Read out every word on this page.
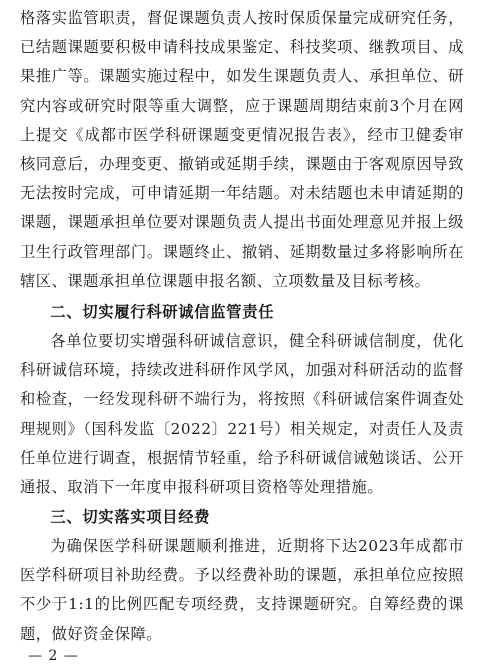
格落实监管职责，督促课题负责人按时保质保量完成研究任务，已结题课题要积极申请科技成果鉴定、科技奖项、继教项目、成果推广等。课题实施过程中，如发生课题负责人、承担单位、研究内容或研究时限等重大调整，应于课题周期结束前3个月在网上提交《成都市医学科研课题变更情况报告表》，经市卫健委审核同意后，办理变更、撤销或延期手续，课题由于客观原因导致无法按时完成，可申请延期一年结题。对未结题也未申请延期的课题，课题承担单位要对课题负责人提出书面处理意见并报上级卫生行政管理部门。课题终止、撤销、延期数量过多将影响所在辖区、课题承担单位课题申报名额、立项数量及目标考核。

二、切实履行科研诚信监管责任

各单位要切实增强科研诚信意识，健全科研诚信制度，优化科研诚信环境，持续改进科研作风学风，加强对科研活动的监督和检查，一经发现科研不端行为，将按照《科研诚信案件调查处理规则》（国科发监〔2022〕221号）相关规定，对责任人及责任单位进行调查，根据情节轻重，给予科研诚信诫勉谈话、公开通报、取消下一年度申报科研项目资格等处理措施。

三、切实落实项目经费

为确保医学科研课题顺利推进，近期将下达2023年成都市医学科研项目补助经费。予以经费补助的课题，承担单位应按照不少于1:1的比例匹配专项经费，支持课题研究。自筹经费的课题，做好资金保障。

— 2 —
